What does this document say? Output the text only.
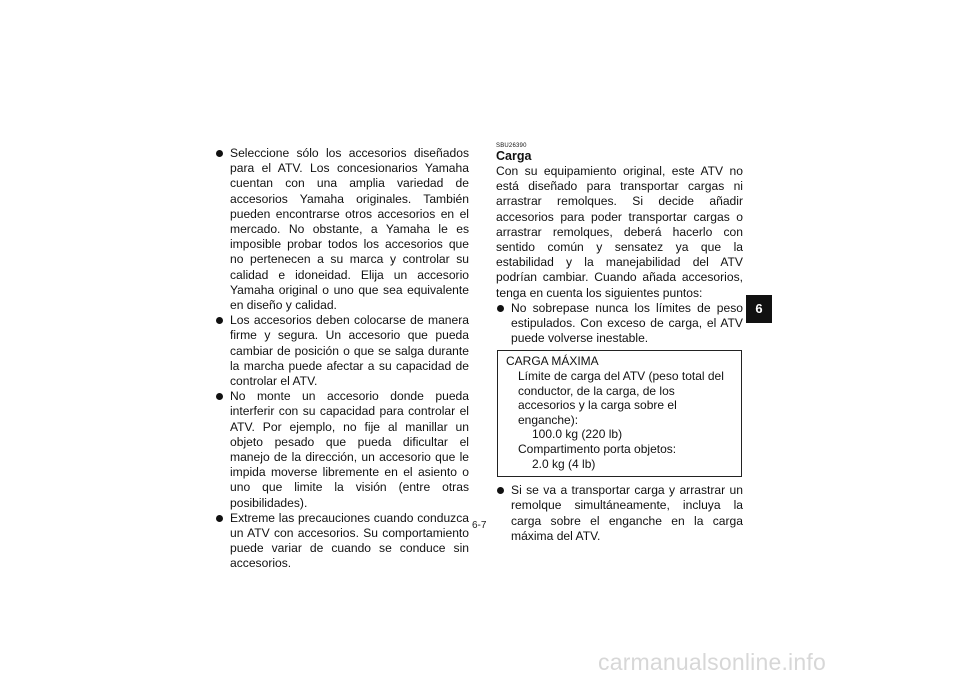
Seleccione sólo los accesorios diseñados para el ATV. Los concesionarios Yamaha cuentan con una amplia variedad de accesorios Yamaha originales. También pueden encontrarse otros accesorios en el mercado. No obstante, a Yamaha le es imposible probar todos los accesorios que no pertenecen a su marca y controlar su calidad e idoneidad. Elija un accesorio Yamaha original o uno que sea equivalente en diseño y calidad.
Los accesorios deben colocarse de manera firme y segura. Un accesorio que pueda cambiar de posición o que se salga durante la marcha puede afectar a su capacidad de controlar el ATV.
No monte un accesorio donde pueda interferir con su capacidad para controlar el ATV. Por ejemplo, no fije al manillar un objeto pesado que pueda dificultar el manejo de la dirección, un accesorio que le impida moverse libremente en el asiento o uno que limite la visión (entre otras posibilidades).
Extreme las precauciones cuando conduzca un ATV con accesorios. Su comportamiento puede variar de cuando se conduce sin accesorios.
SBU26390
Carga
Con su equipamiento original, este ATV no está diseñado para transportar cargas ni arrastrar remolques. Si decide añadir accesorios para poder transportar cargas o arrastrar remolques, deberá hacerlo con sentido común y sensatez ya que la estabilidad y la manejabilidad del ATV podrían cambiar. Cuando añada accesorios, tenga en cuenta los siguientes puntos:
No sobrepase nunca los límites de peso estipulados. Con exceso de carga, el ATV puede volverse inestable.
CARGA MÁXIMA
Límite de carga del ATV (peso total del conductor, de la carga, de los accesorios y la carga sobre el enganche):
100.0 kg (220 lb)
Compartimento porta objetos:
2.0 kg (4 lb)
Si se va a transportar carga y arrastrar un remolque simultáneamente, incluya la carga sobre el enganche en la carga máxima del ATV.
6
6-7
carmanualsonline.info
